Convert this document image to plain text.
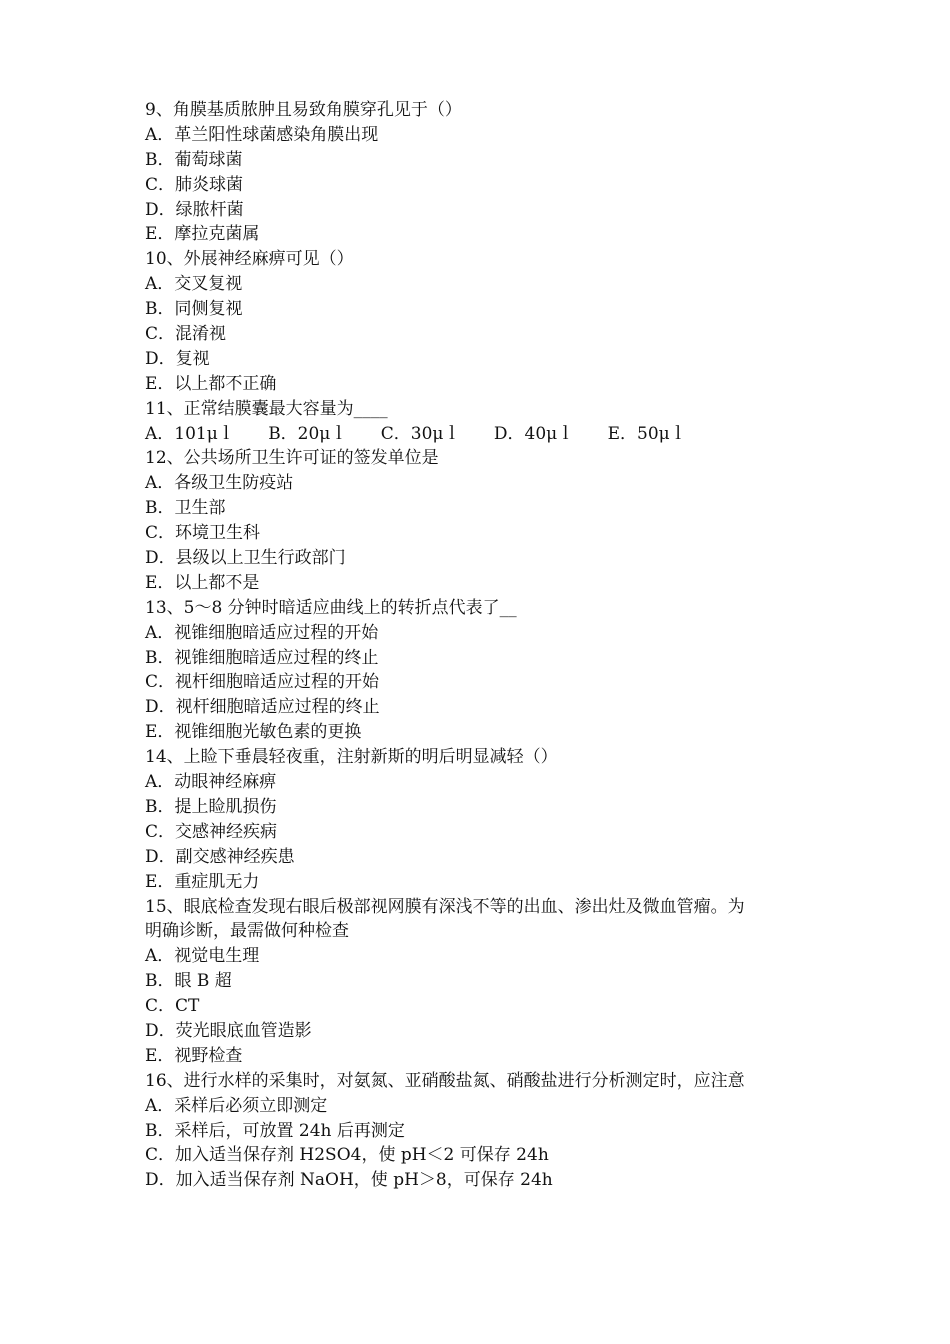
9、角膜基质脓肿且易致角膜穿孔见于（）
A．革兰阳性球菌感染角膜出现
B．葡萄球菌
C．肺炎球菌
D．绿脓杆菌
E．摩拉克菌属
10、外展神经麻痹可见（）
A．交叉复视
B．同侧复视
C．混淆视
D．复视
E．以上都不正确
11、正常结膜囊最大容量为____
A．101μｌ B．20μｌ C．30μｌ D．40μｌ E．50μｌ
12、公共场所卫生许可证的签发单位是
A．各级卫生防疫站
B．卫生部
C．环境卫生科
D．县级以上卫生行政部门
E．以上都不是
13、5～8 分钟时暗适应曲线上的转折点代表了__
A．视锥细胞暗适应过程的开始
B．视锥细胞暗适应过程的终止
C．视杆细胞暗适应过程的开始
D．视杆细胞暗适应过程的终止
E．视锥细胞光敏色素的更换
14、上睑下垂晨轻夜重，注射新斯的明后明显减轻（）
A．动眼神经麻痹
B．提上睑肌损伤
C．交感神经疾病
D．副交感神经疾患
E．重症肌无力
15、眼底检查发现右眼后极部视网膜有深浅不等的出血、渗出灶及微血管瘤。为
明确诊断，最需做何种检查
A．视觉电生理
B．眼 B 超
C．CT
D．荧光眼底血管造影
E．视野检查
16、进行水样的采集时，对氨氮、亚硝酸盐氮、硝酸盐进行分析测定时，应注意
A．采样后必须立即测定
B．采样后，可放置 24h 后再测定
C．加入适当保存剂 H2SO4，使 pH＜2 可保存 24h
D．加入适当保存剂 NaOH，使 pH＞8，可保存 24h
